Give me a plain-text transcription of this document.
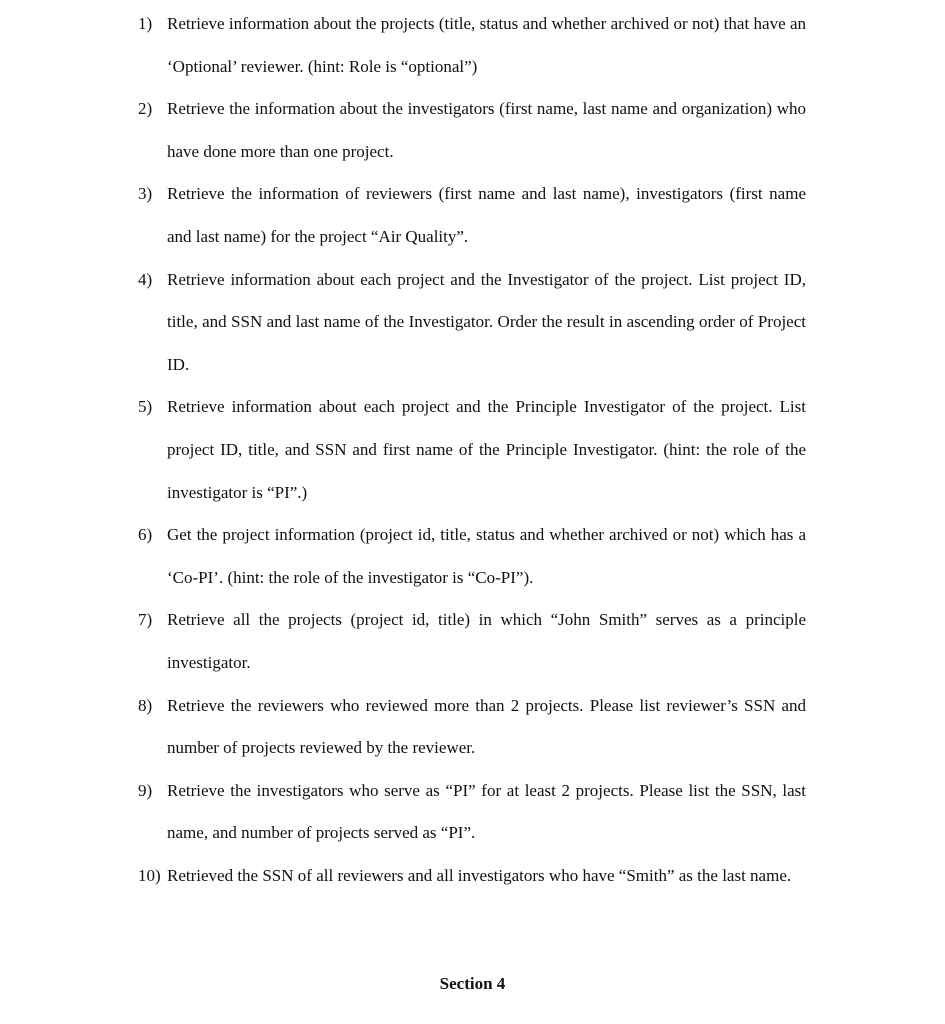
1) Retrieve information about the projects (title, status and whether archived or not) that have an ‘Optional’ reviewer. (hint: Role is “optional”)
2) Retrieve the information about the investigators (first name, last name and organization) who have done more than one project.
3) Retrieve the information of reviewers (first name and last name), investigators (first name and last name) for the project “Air Quality”.
4) Retrieve information about each project and the Investigator of the project. List project ID, title, and SSN and last name of the Investigator. Order the result in ascending order of Project ID.
5) Retrieve information about each project and the Principle Investigator of the project. List project ID, title, and SSN and first name of the Principle Investigator. (hint: the role of the investigator is “PI”.)
6) Get the project information (project id, title, status and whether archived or not) which has a ‘Co-PI’. (hint: the role of the investigator is “Co-PI”).
7) Retrieve all the projects (project id, title) in which “John Smith” serves as a principle investigator.
8) Retrieve the reviewers who reviewed more than 2 projects. Please list reviewer’s SSN and number of projects reviewed by the reviewer.
9) Retrieve the investigators who serve as “PI” for at least 2 projects. Please list the SSN, last name, and number of projects served as “PI”.
10) Retrieved the SSN of all reviewers and all investigators who have “Smith” as the last name.
Section 4
